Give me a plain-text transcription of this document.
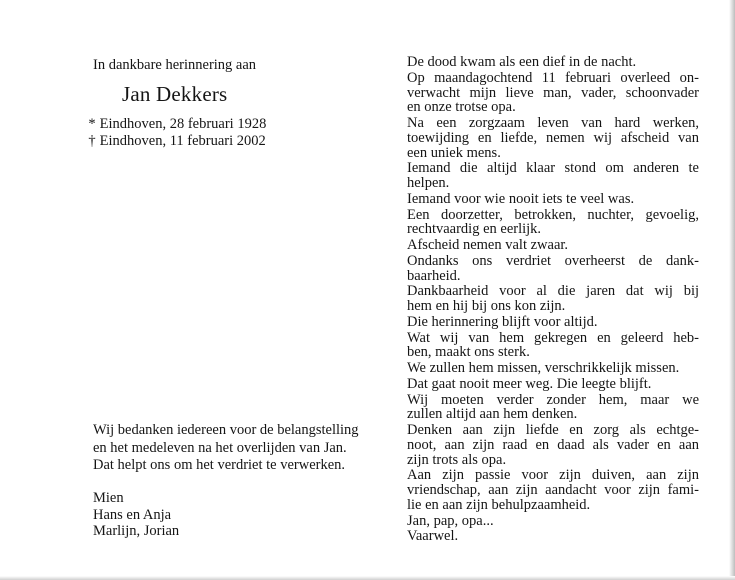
In dankbare herinnering aan
Jan Dekkers
* Eindhoven, 28 februari 1928
† Eindhoven, 11 februari 2002
Wij bedanken iedereen voor de belangstelling
en het medeleven na het overlijden van Jan.
Dat helpt ons om het verdriet te verwerken.
Mien
Hans en Anja
Marlijn, Jorian

De dood kwam als een dief in de nacht.

Op maandagochtend 11 februari overleed on-
verwacht mijn lieve man, vader, schoonvader
en onze trotse opa.

Na een zorgzaam leven van hard werken,
toewijding en liefde, nemen wij afscheid van
een uniek mens.

Iemand die altijd klaar stond om anderen te
helpen.

Iemand voor wie nooit iets te veel was.

Een doorzetter, betrokken, nuchter, gevoelig,
rechtvaardig en eerlijk.

Afscheid nemen valt zwaar.

Ondanks ons verdriet overheerst de dank-
baarheid.

Dankbaarheid voor al die jaren dat wij bij
hem en hij bij ons kon zijn.

Die herinnering blijft voor altijd.

Wat wij van hem gekregen en geleerd heb-
ben, maakt ons sterk.

We zullen hem missen, verschrikkelijk missen.

Dat gaat nooit meer weg. Die leegte blijft.

Wij moeten verder zonder hem, maar we
zullen altijd aan hem denken.

Denken aan zijn liefde en zorg als echtge-
noot, aan zijn raad en daad als vader en aan
zijn trots als opa.

Aan zijn passie voor zijn duiven, aan zijn
vriendschap, aan zijn aandacht voor zijn fami-
lie en aan zijn behulpzaamheid.

Jan, pap, opa...

Vaarwel.
